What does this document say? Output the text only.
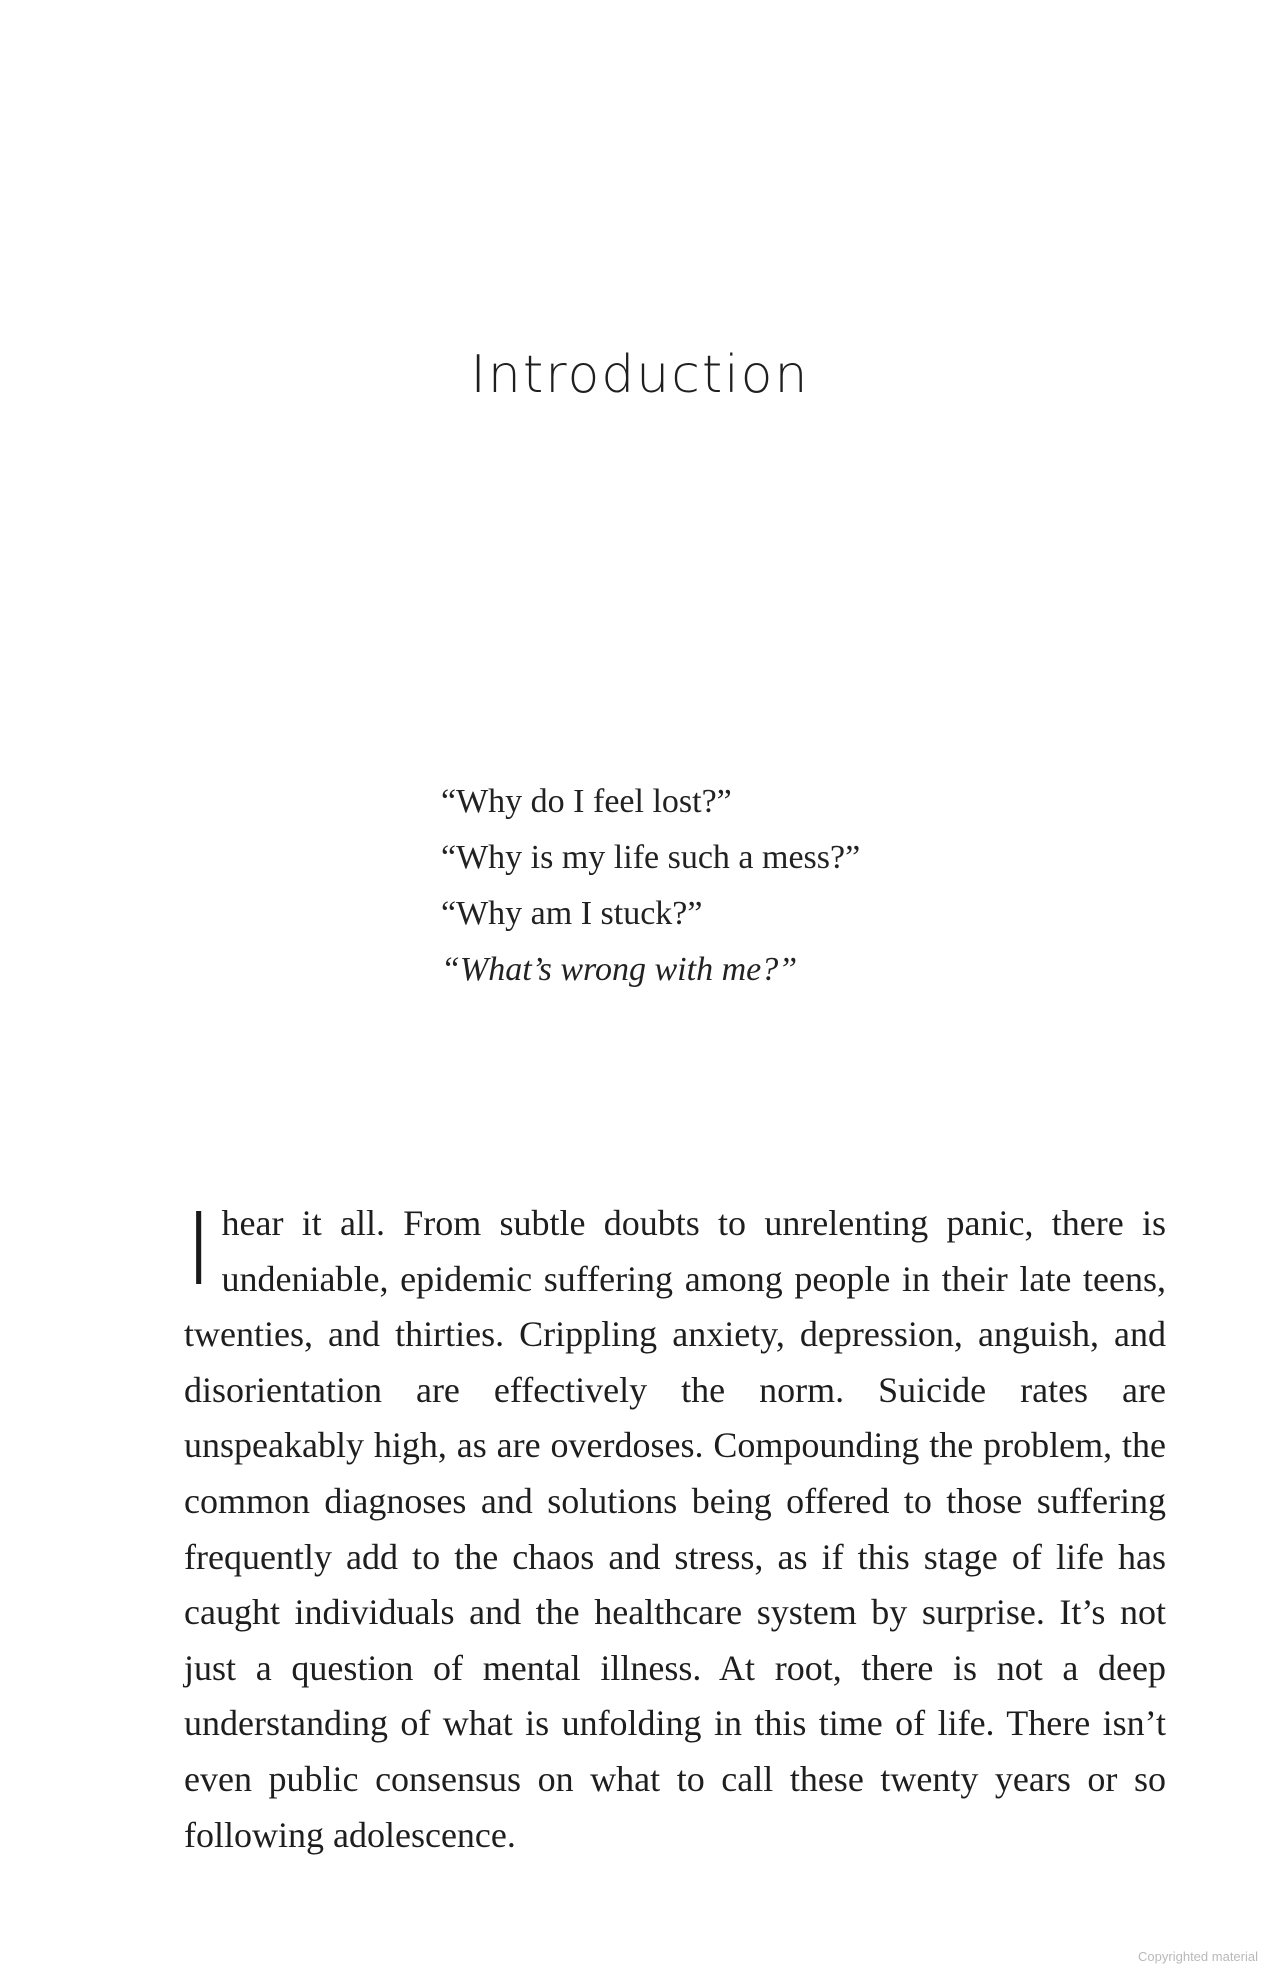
Introduction
“Why do I feel lost?”
“Why is my life such a mess?”
“Why am I stuck?”
“What’s wrong with me?”

I hear it all. From subtle doubts to unrelenting panic, there is undeniable, epidemic suffering among people in their late teens, twenties, and thirties. Crippling anxiety, depression, anguish, and disorientation are effectively the norm. Suicide rates are unspeakably high, as are overdoses. Compounding the problem, the common diagnoses and solutions being offered to those suffering frequently add to the chaos and stress, as if this stage of life has caught individuals and the healthcare system by surprise. It’s not just a question of mental illness. At root, there is not a deep understanding of what is unfolding in this time of life. There isn’t even public consensus on what to call these twenty years or so following adolescence.

Copyrighted material
